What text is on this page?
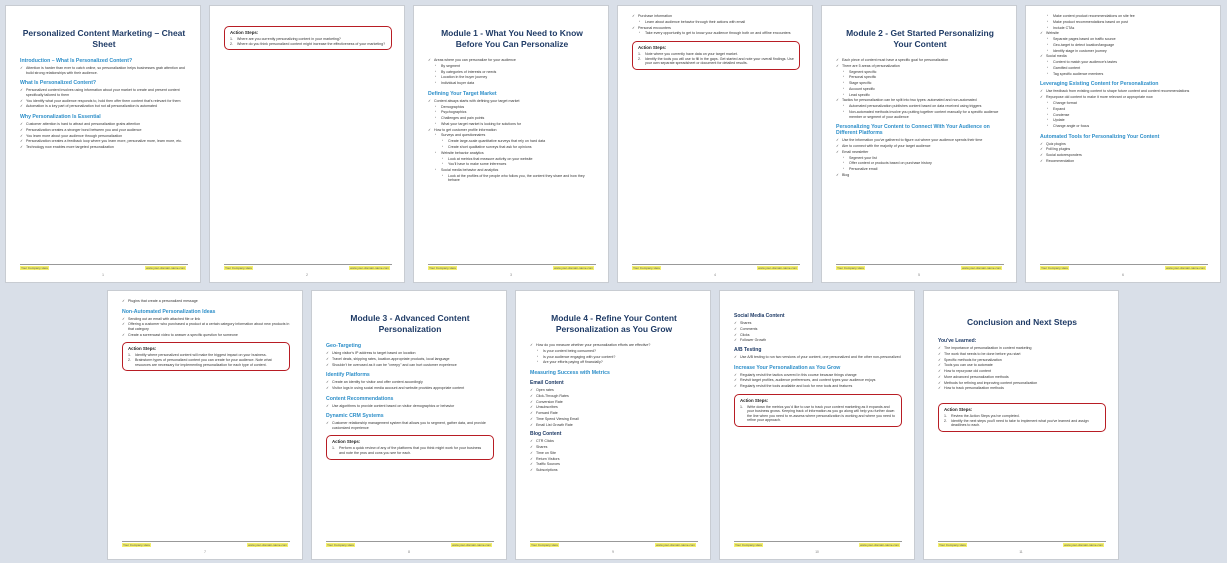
Personalized Content Marketing – Cheat Sheet
Introduction – What Is Personalized Content?
✓ Attention is harder than ever to catch online, so personalization helps businesses grab attention and build strong relationships with their audience.
What Is Personalized Content?
✓ Personalized content involves using information about your market to create and present content specifically tailored to them
✓ You identify what your audience responds to, hold then offer them content that's relevant for them
✓ Automation is a key part of personalization but not all personalization is automated
Why Personalization Is Essential
✓ Customer attention is hard to attract and personalization grabs attention
✓ Personalization creates a stronger bond between you and your audience
✓ You learn more about your audience through personalization
✓ Personalization creates a feedback loop where you learn more, personalize more, learn more, etc.
✓ Technology now enables more targeted personalization
Your Company Here	www.your-domain-name.com
1
Action Steps:
1. Where are you currently personalizing content in your marketing?
2. Where do you think personalized content might increase the effectiveness of your marketing?
Your Company Here	www.your-domain-name.com
2
Module 1 - What You Need to Know Before You Can Personalize
✓ Areas where you can personalize for your audience
▪ By segment
▪ By categories of interests or needs
▪ Location in the buyer journey
▪ Individual buyer data
Defining Your Target Market
✓ Content always starts with defining your target market
▪ Demographics
▪ Psychographics
▪ Challenges and pain points
▪ What your target market is looking for solutions for
✓ How to get customer profile information
▪ Surveys and questionnaires
▪ Create large-scale quantitative surveys that rely on hard data
▪ Create short qualitative surveys that ask for opinions
▪ Website behavior analytics
▪ Look at metrics that measure activity on your website
▪ You'll have to make some inferences
▪ Social media behavior and analytics
▪ Look at the profiles of the people who follow you, the content they share and how they behave
Your Company Here	www.your-domain-name.com
3
✓ Purchase information
▪ Learn about audience behavior through their actions with email
✓ Personal encounters
▪ Take every opportunity to get to know your audience through both on and offline encounters
Action Steps:
1. Note where you currently have data on your target market.
2. Identify the tools you will use to fill in the gaps. Get started and note your overall findings. Use your own separate spreadsheet or document for detailed results.
Your Company Here	www.your-domain-name.com
4
Module 2 - Get Started Personalizing Your Content
✓ Each piece of content must have a specific goal for personalization
✓ There are 5 areas of personalization
▪ Segment specific
▪ Personal specific
▪ Stage specific
▪ Account specific
▪ Lead specific
✓ Tactics for personalization can be split into two types: automated and non-automated
▪ Automated personalization publishes content based on data received using triggers
▪ Non-automated methods involve you putting together content manually for a specific audience member or segment of your audience
Personalizing Your Content to Connect With Your Audience on Different Platforms
✓ Use the information you've gathered to figure out where your audience spends their time
✓ Aim to connect with the majority of your target audience
✓ Email newsletter
▪ Segment your list
▪ Offer content or products based on purchase history
▪ Personalize email
✓ Blog
Your Company Here	www.your-domain-name.com
5
▪ Make content product recommendations on site fee
▪ Make product recommendations based on post
▪ Include CTAs
✓ Website
▪ Separate pages based on traffic source
▪ Geo-target to detect location/language
▪ Identify stage in customer journey
✓ Social media
▪ Content to match your audience's tastes
▪ Gamified content
▪ Tag specific audience members
Leveraging Existing Content for Personalization
✓ Use feedback from existing content to shape future content and content recommendations
✓ Repurpose old content to make it more relevant or appropriate now
▪ Change format
▪ Expand
▪ Condense
▪ Update
▪ Change angle or focus
Automated Tools for Personalizing Your Content
✓ Quiz plugins
✓ Poll/ing plugins
✓ Social autoresponders
✓ Recommendation
Your Company Here	www.your-domain-name.com
6
✓ Plugins that create a personalized message
Non-Automated Personalization Ideas
✓ Sending out an email with attached file or link
✓ Offering a customer who purchased a product at a certain category information about new products in that category
✓ Create a screencast video to answer a specific question for someone
Action Steps:
1. Identify where personalized content will make the biggest impact on your business.
2. Brainstorm types of personalized content you can create for your audience. Note what resources are necessary for implementing personalization for each type of content.
Your Company Here	www.your-domain-name.com
7
Module 3 - Advanced Content Personalization
Geo-Targeting
✓ Using visitor's IP address to target based on location
✓ Travel deals, shipping rates, location-appropriate products, local language
✓ Shouldn't be overused as it can be "creepy" and can hurt customer experience
Identify Platforms
✓ Create an identity for visitor and offer content accordingly
✓ Visitor logs in using social media account and website provides appropriate content
Content Recommendations
✓ Use algorithms to provide content based on visitor demographics or behavior
Dynamic CRM Systems
✓ Customer relationship management system that allows you to segment, gather data, and provide customized experience
Action Steps:
1. Perform a quick review of any of the platforms that you think might work for your business and note the pros and cons you see for each.
Your Company Here	www.your-domain-name.com
8
Module 4 - Refine Your Content Personalization as You Grow
✓ How do you measure whether your personalization efforts are effective?
▪ Is your content being consumed?
▪ Is your audience engaging with your content?
▪ Are your efforts paying off financially?
Measuring Success with Metrics
Email Content
✓ Open rates
✓ Click-Through Rates
✓ Conversion Rate
✓ Unsubscribes
✓ Forward Rate
✓ Time Spend Viewing Email
✓ Email List Growth Rate
Blog Content
✓ CTR Clicks
✓ Shares
✓ Time on Site
✓ Return Visitors
✓ Traffic Sources
✓ Subscriptions
Your Company Here	www.your-domain-name.com
9
Social Media Content
✓ Shares
✓ Comments
✓ Clicks
✓ Follower Growth
A/B Testing
✓ Use A/B testing to run two versions of your content, one personalized and the other non-personalized
Increase Your Personalization as You Grow
✓ Regularly revisit the tactics covered in this course because things change
✓ Revisit target profiles, audience preferences, and content types your audience enjoys
✓ Regularly revisit the tools available and look for new tools and features
Action Steps:
1. Write down the metrics you'd like to use to track your content marketing as it expands and your business grows. Keeping track of information as you go along will help you further down the line when you need to re-assess where personalization is working and where you need to refine your approach.
Your Company Here	www.your-domain-name.com
10
Conclusion and Next Steps
You've Learned:
✓ The importance of personalization in content marketing
✓ The work that needs to be done before you start
✓ Specific methods for personalization
✓ Tools you can use to automate
✓ How to repurpose old content
✓ More advanced personalization methods
✓ Methods for refining and improving content personalization
✓ How to track personalization methods
Action Steps:
1. Review the Action Steps you've completed.
2. Identify the next steps you'll need to take to implement what you've learned and assign deadlines to each.
Your Company Here	www.your-domain-name.com
11
